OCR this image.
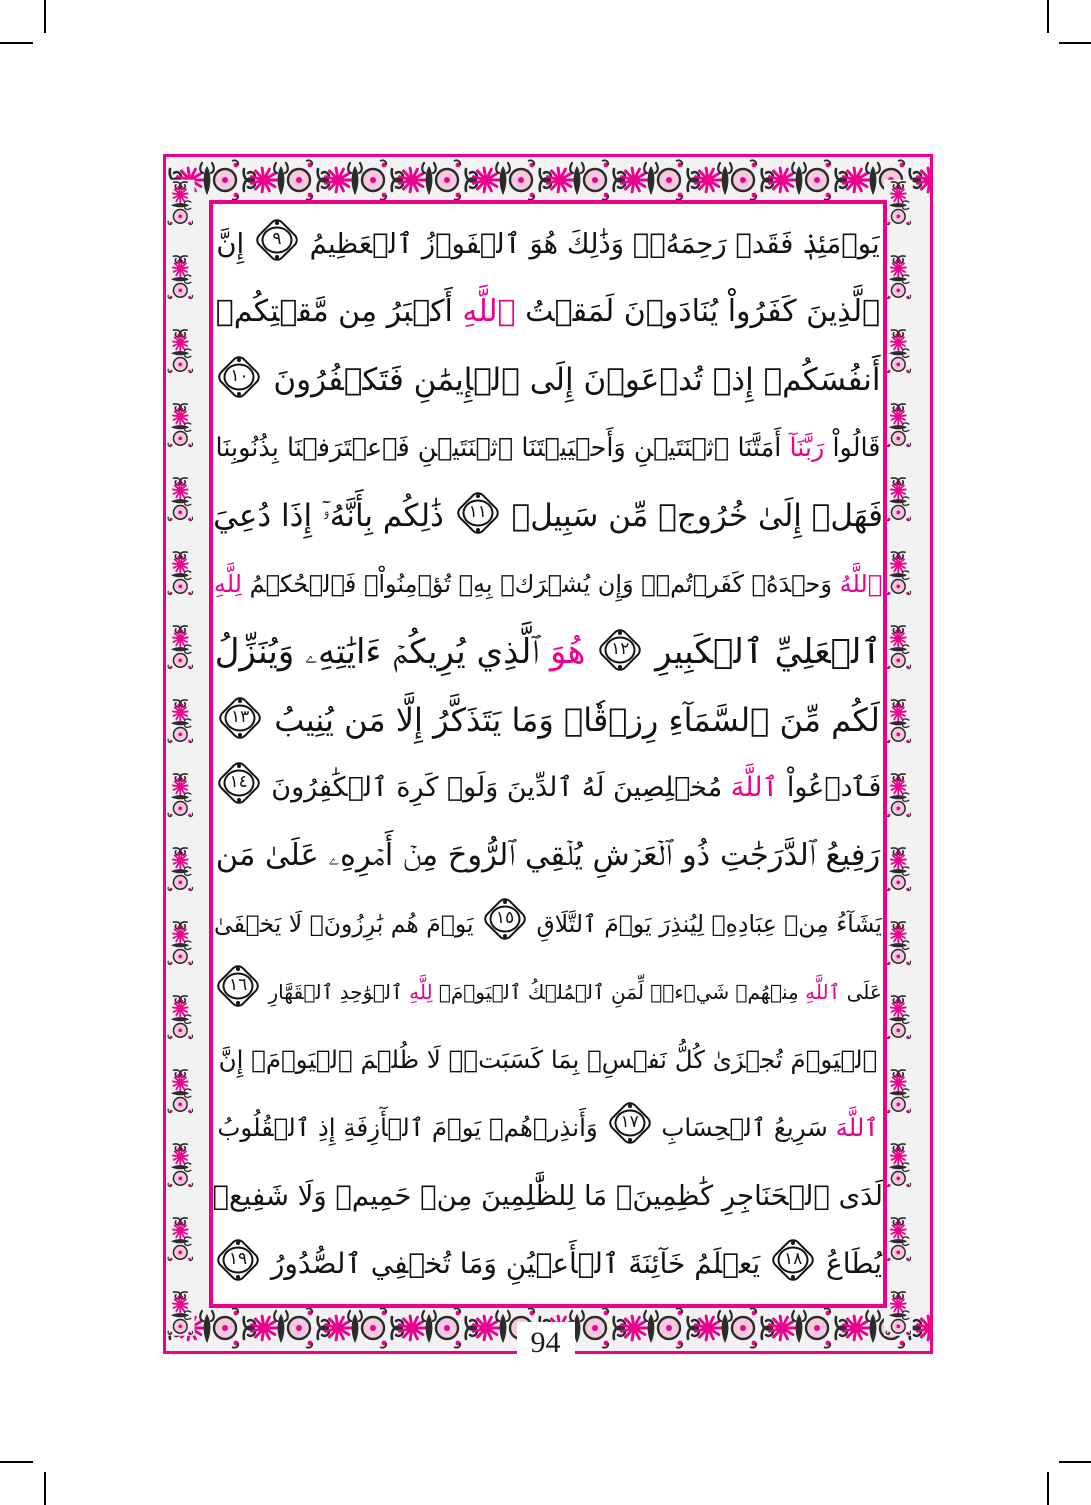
يَوۡمَئِذٖ فَقَدۡ رَحِمَهُۥۚ وَذَٰلِكَ هُوَ ٱلۡفَوۡزُ ٱلۡعَظِيمُ
٩
إِنَّ
ٱلَّذِينَ كَفَرُواْ يُنَادَوۡنَ لَمَقۡتُ ٱللَّهِ أَكۡبَرُ مِن مَّقۡتِكُمۡ
أَنفُسَكُمۡ إِذۡ تُدۡعَوۡنَ إِلَى ٱلۡإِيمَٰنِ فَتَكۡفُرُونَ
١٠
قَالُواْ رَبَّنَآ أَمَتَّنَا ٱثۡنَتَيۡنِ وَأَحۡيَيۡتَنَا ٱثۡنَتَيۡنِ فَٱعۡتَرَفۡنَا بِذُنُوبِنَا
فَهَلۡ إِلَىٰ خُرُوجٖ مِّن سَبِيلٖ
١١
ذَٰلِكُم بِأَنَّهُۥٓ إِذَا دُعِيَ
ٱللَّهُ وَحۡدَهُۥ كَفَرۡتُمۡۖ وَإِن يُشۡرَكۡ بِهِۦ تُؤۡمِنُواْۚ فَٱلۡحُكۡمُ لِلَّهِ
ٱلۡعَلِيِّ ٱلۡكَبِيرِ
١٢
هُوَ ٱلَّذِي يُرِيكُمۡ ءَايَٰتِهِۦ وَيُنَزِّلُ
لَكُم مِّنَ ٱلسَّمَآءِ رِزۡقٗاۚ وَمَا يَتَذَكَّرُ إِلَّا مَن يُنِيبُ
١٣
فَٱدۡعُواْ ٱللَّهَ مُخۡلِصِينَ لَهُ ٱلدِّينَ وَلَوۡ كَرِهَ ٱلۡكَٰفِرُونَ
١٤
رَفِيعُ ٱلدَّرَجَٰتِ ذُو ٱلۡعَرۡشِ يُلۡقِي ٱلرُّوحَ مِنۡ أَمۡرِهِۦ عَلَىٰ مَن
يَشَآءُ مِنۡ عِبَادِهِۦ لِيُنذِرَ يَوۡمَ ٱلتَّلَاقِ
١٥
يَوۡمَ هُم بَٰرِزُونَۖ لَا يَخۡفَىٰ
عَلَى ٱللَّهِ مِنۡهُمۡ شَيۡءٞۚ لِّمَنِ ٱلۡمُلۡكُ ٱلۡيَوۡمَۖ لِلَّهِ ٱلۡوَٰحِدِ ٱلۡقَهَّارِ
١٦
ٱلۡيَوۡمَ تُجۡزَىٰ كُلُّ نَفۡسِۭ بِمَا كَسَبَتۡۚ لَا ظُلۡمَ ٱلۡيَوۡمَۚ إِنَّ
ٱللَّهَ سَرِيعُ ٱلۡحِسَابِ
١٧
وَأَنذِرۡهُمۡ يَوۡمَ ٱلۡأٓزِفَةِ إِذِ ٱلۡقُلُوبُ
لَدَى ٱلۡحَنَاجِرِ كَٰظِمِينَۚ مَا لِلظَّٰلِمِينَ مِنۡ حَمِيمٖ وَلَا شَفِيعٖ
يُطَاعُ
١٨
يَعۡلَمُ خَآئِنَةَ ٱلۡأَعۡيُنِ وَمَا تُخۡفِي ٱلصُّدُورُ
١٩
94
